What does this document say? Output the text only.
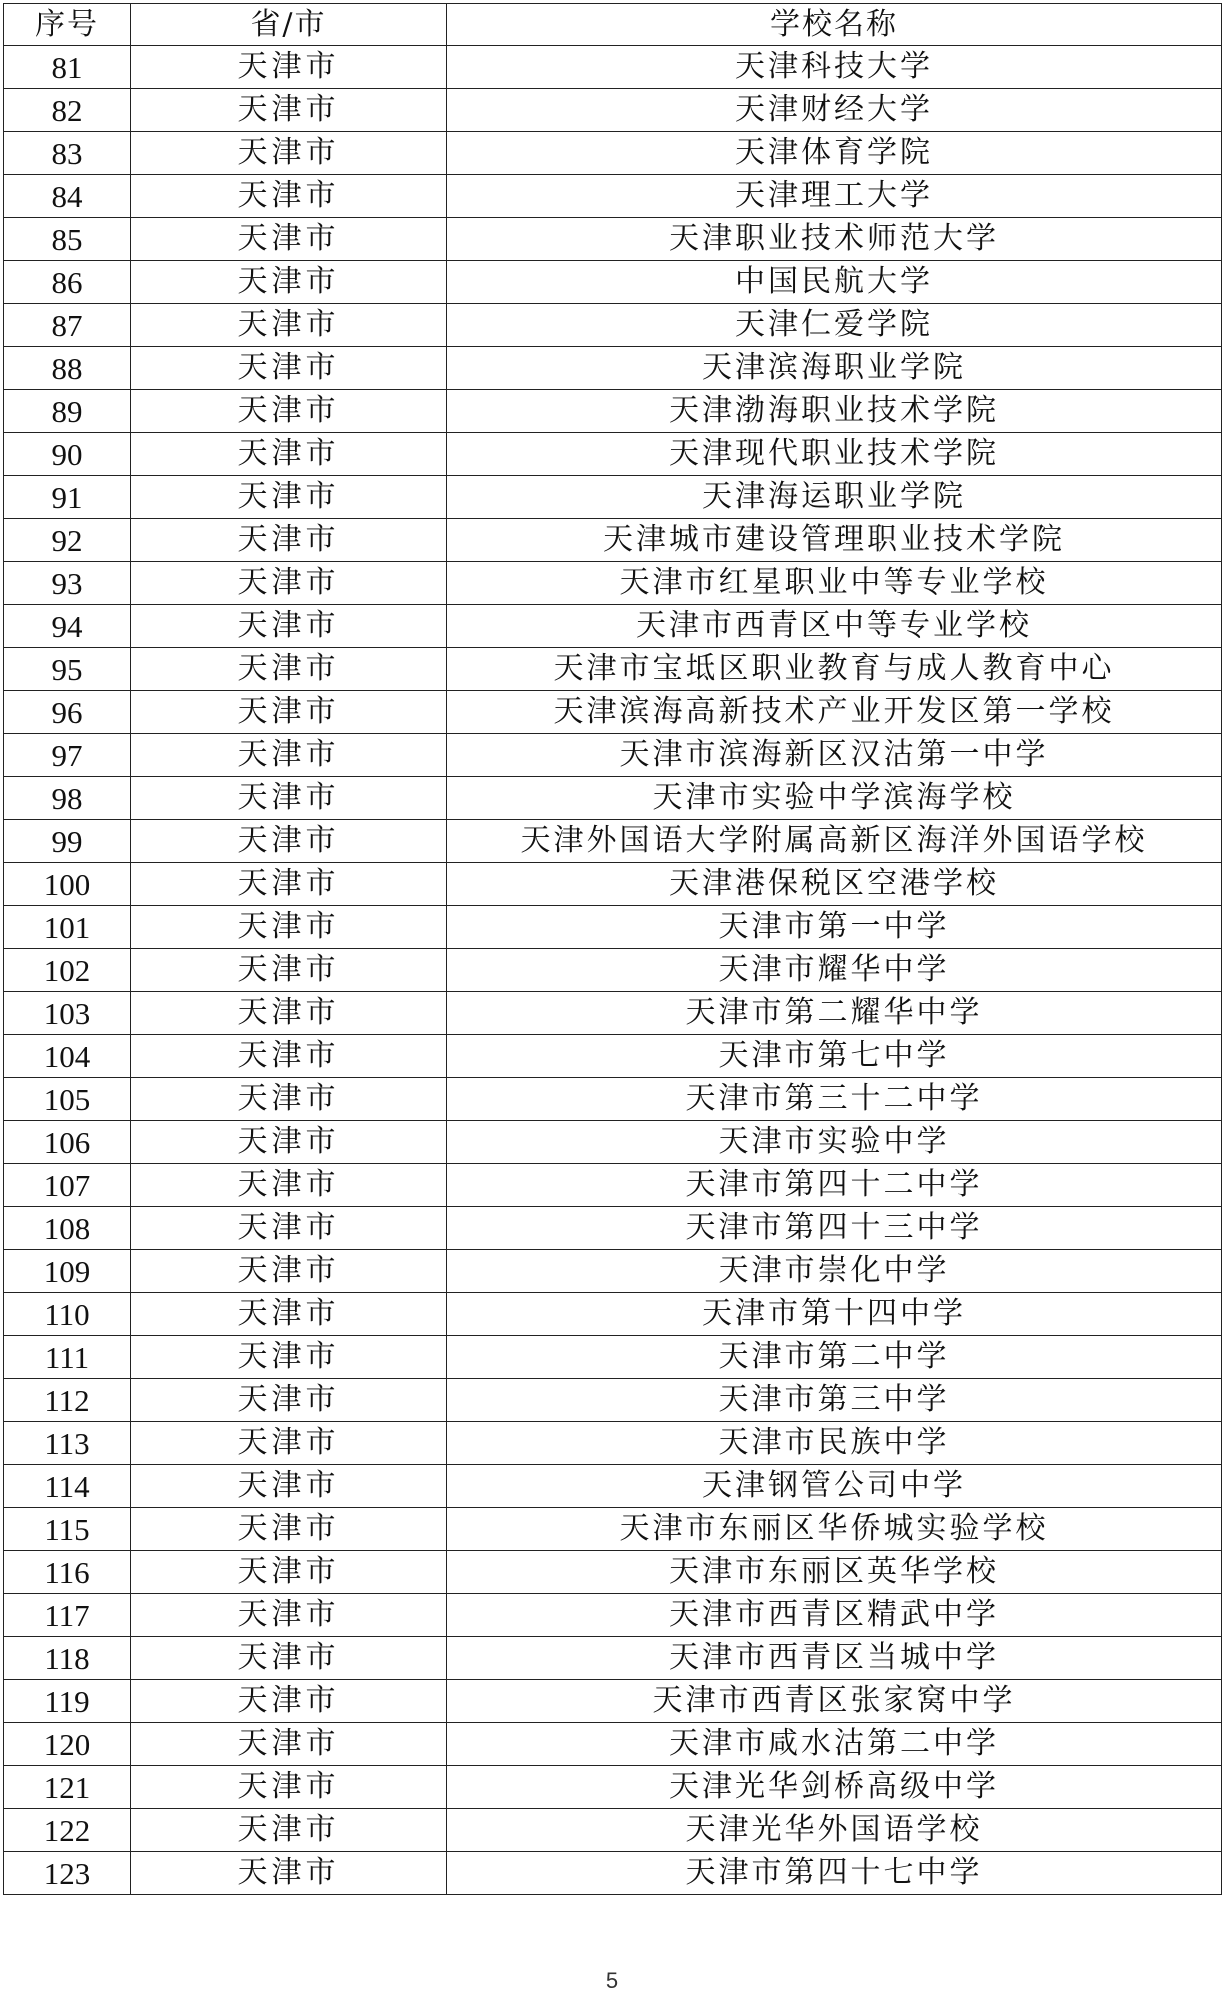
序号	省/市	学校名称
81	天津市	天津科技大学
82	天津市	天津财经大学
83	天津市	天津体育学院
84	天津市	天津理工大学
85	天津市	天津职业技术师范大学
86	天津市	中国民航大学
87	天津市	天津仁爱学院
88	天津市	天津滨海职业学院
89	天津市	天津渤海职业技术学院
90	天津市	天津现代职业技术学院
91	天津市	天津海运职业学院
92	天津市	天津城市建设管理职业技术学院
93	天津市	天津市红星职业中等专业学校
94	天津市	天津市西青区中等专业学校
95	天津市	天津市宝坻区职业教育与成人教育中心
96	天津市	天津滨海高新技术产业开发区第一学校
97	天津市	天津市滨海新区汉沽第一中学
98	天津市	天津市实验中学滨海学校
99	天津市	天津外国语大学附属高新区海洋外国语学校
100	天津市	天津港保税区空港学校
101	天津市	天津市第一中学
102	天津市	天津市耀华中学
103	天津市	天津市第二耀华中学
104	天津市	天津市第七中学
105	天津市	天津市第三十二中学
106	天津市	天津市实验中学
107	天津市	天津市第四十二中学
108	天津市	天津市第四十三中学
109	天津市	天津市崇化中学
110	天津市	天津市第十四中学
111	天津市	天津市第二中学
112	天津市	天津市第三中学
113	天津市	天津市民族中学
114	天津市	天津钢管公司中学
115	天津市	天津市东丽区华侨城实验学校
116	天津市	天津市东丽区英华学校
117	天津市	天津市西青区精武中学
118	天津市	天津市西青区当城中学
119	天津市	天津市西青区张家窝中学
120	天津市	天津市咸水沽第二中学
121	天津市	天津光华剑桥高级中学
122	天津市	天津光华外国语学校
123	天津市	天津市第四十七中学
5
